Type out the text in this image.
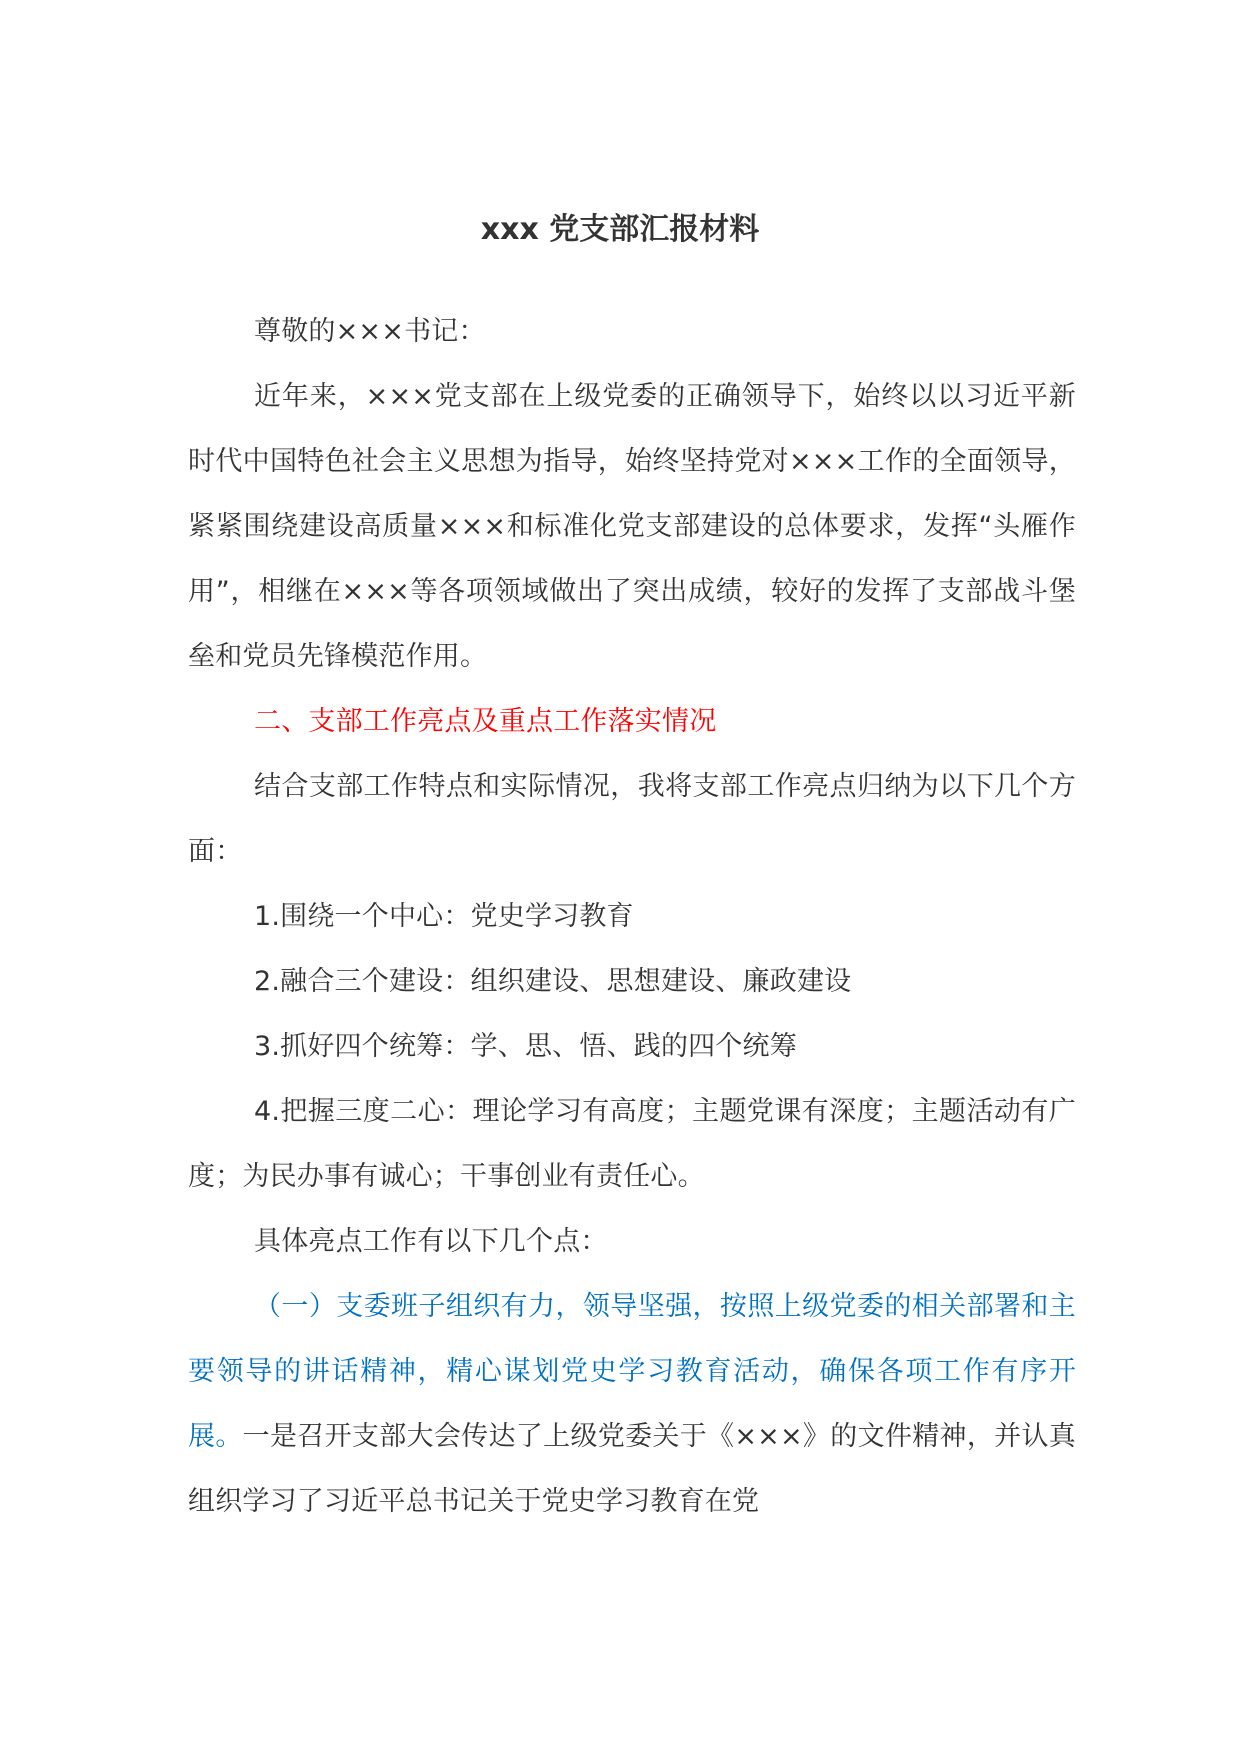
xxx 党支部汇报材料

尊敬的×××书记：

近年来，×××党支部在上级党委的正确领导下，始终以以习近平新时代中国特色社会主义思想为指导，始终坚持党对×××工作的全面领导，紧紧围绕建设高质量×××和标准化党支部建设的总体要求，发挥“头雁作用”，相继在×××等各项领域做出了突出成绩，较好的发挥了支部战斗堡垒和党员先锋模范作用。

二、支部工作亮点及重点工作落实情况

结合支部工作特点和实际情况，我将支部工作亮点归纳为以下几个方面：

1.围绕一个中心：党史学习教育

2.融合三个建设：组织建设、思想建设、廉政建设

3.抓好四个统筹：学、思、悟、践的四个统筹

4.把握三度二心：理论学习有高度；主题党课有深度；主题活动有广度；为民办事有诚心；干事创业有责任心。

具体亮点工作有以下几个点：

（一）支委班子组织有力，领导坚强，按照上级党委的相关部署和主要领导的讲话精神，精心谋划党史学习教育活动，确保各项工作有序开展。一是召开支部大会传达了上级党委关于《×××》的文件精神，并认真组织学习了习近平总书记关于党史学习教育在党
